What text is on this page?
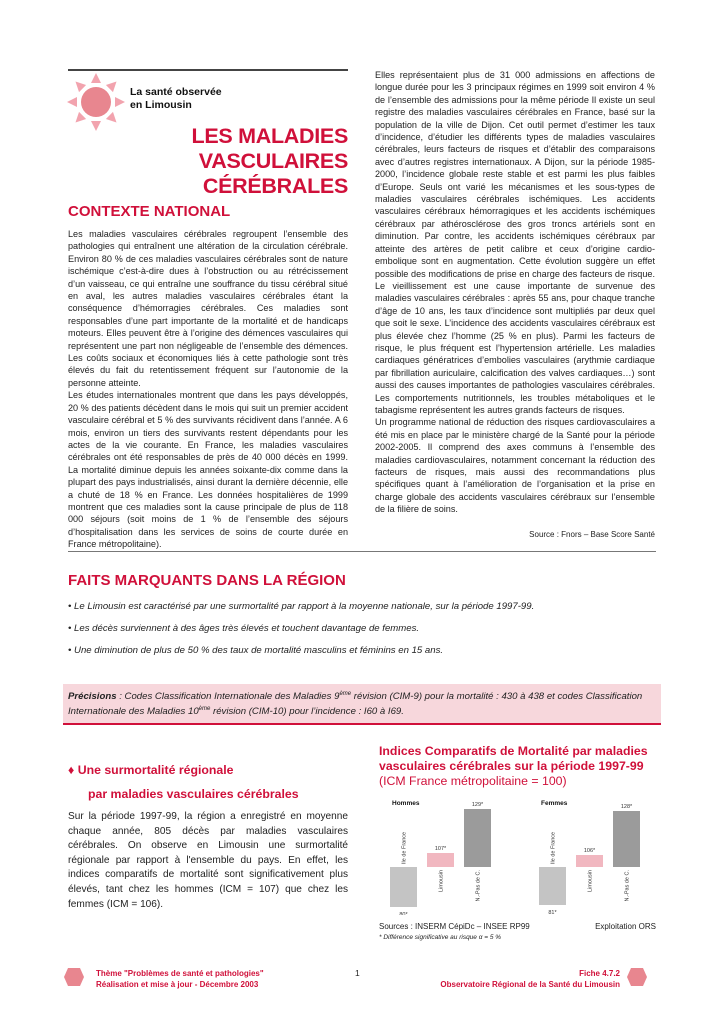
La santé observée
en Limousin
LES MALADIES
VASCULAIRES CÉRÉBRALES
CONTEXTE NATIONAL

Les maladies vasculaires cérébrales regroupent l’ensemble des pathologies qui entraînent une altération de la circulation cérébrale. Environ 80 % de ces maladies vasculaires cérébrales sont de nature ischémique c’est-à-dire dues à l’obstruction ou au rétrécissement d’un vaisseau, ce qui entraîne une souffrance du tissu cérébral situé en aval, les autres maladies vasculaires cérébrales étant la conséquence d’hémorragies cérébrales. Ces maladies sont responsables d’une part importante de la mortalité et de handicaps moteurs. Elles peuvent être à l’origine des démences vasculaires qui représentent une part non négligeable de l’ensemble des démences. Les coûts sociaux et économiques liés à cette pathologie sont très élevés du fait du retentissement fréquent sur l’autonomie de la personne atteinte.

Les études internationales montrent que dans les pays développés, 20 % des patients décèdent dans le mois qui suit un premier accident vasculaire cérébral et 5 % des survivants récidivent dans l’année. A 6 mois, environ un tiers des survivants restent dépendants pour les actes de la vie courante. En France, les maladies vasculaires cérébrales ont été responsables de près de 40 000 décès en 1999. La mortalité diminue depuis les années soixante-dix comme dans la plupart des pays industrialisés, ainsi durant la dernière décennie, elle a chuté de 18 % en France. Les données hospitalières de 1999 montrent que ces maladies sont la cause principale de plus de 118 000 séjours (soit moins de 1 % de l’ensemble des séjours d’hospitalisation dans les services de soins de courte durée en France métropolitaine).

Elles représentaient plus de 31 000 admissions en affections de longue durée pour les 3 principaux régimes en 1999 soit environ 4 % de l’ensemble des admissions pour la même période Il existe un seul registre des maladies vasculaires cérébrales en France, basé sur la population de la ville de Dijon. Cet outil permet d’estimer les taux d’incidence, d’étudier les différents types de maladies vasculaires cérébrales, leurs facteurs de risques et d’établir des comparaisons avec d’autres registres internationaux. A Dijon, sur la période 1985-2000, l’incidence globale reste stable et est parmi les plus faibles d’Europe. Seuls ont varié les mécanismes et les sous-types de maladies vasculaires cérébrales ischémiques. Les accidents vasculaires cérébraux hémorragiques et les accidents ischémiques cérébraux par athérosclérose des gros troncs artériels sont en diminution. Par contre, les accidents ischémiques cérébraux par atteinte des artères de petit calibre et ceux d’origine cardio-embolique sont en augmentation. Cette évolution suggère un effet possible des modifications de prise en charge des facteurs de risque. Le vieillissement est une cause importante de survenue des maladies vasculaires cérébrales : après 55 ans, pour chaque tranche d’âge de 10 ans, les taux d’incidence sont multipliés par deux quel que soit le sexe. L’incidence des accidents vasculaires cérébraux est plus élevée chez l’homme (25 % en plus). Parmi les facteurs de risque, le plus fréquent est l’hypertension artérielle. Les maladies cardiaques génératrices d’embolies vasculaires (arythmie cardiaque par fibrillation auriculaire, calcification des valves cardiaques…) sont aussi des causes importantes de pathologies vasculaires cérébrales. Les comportements nutritionnels, les troubles métaboliques et le tabagisme représentent les autres grands facteurs de risques.

Un programme national de réduction des risques cardiovasculaires a été mis en place par le ministère chargé de la Santé pour la période 2002-2005. Il comprend des axes communs à l’ensemble des maladies cardiovasculaires, notamment concernant la réduction des facteurs de risques, mais aussi des recommandations plus spécifiques quant à l’amélioration de l’organisation et la prise en charge globale des accidents vasculaires cérébraux sur l’ensemble de la filière de soins.

Source : Fnors – Base Score Santé
FAITS MARQUANTS DANS LA RÉGION

• Le Limousin est caractérisé par une surmortalité par rapport à la moyenne nationale, sur la période 1997-99.

• Les décès surviennent à des âges très élevés et touchent davantage de femmes.

• Une diminution de plus de 50 % des taux de mortalité masculins et féminins en 15 ans.

Précisions : Codes Classification Internationale des Maladies 9ème révision (CIM-9) pour la mortalité : 430 à 438 et codes Classification Internationale des Maladies 10ème révision (CIM-10) pour l’incidence : I60 à I69.
♦ Une surmortalité régionale
par maladies vasculaires cérébrales
Sur la période 1997-99, la région a enregistré en moyenne chaque année, 805 décès par maladies vasculaires cérébrales. On observe en Limousin une surmortalité régionale par rapport à l'ensemble du pays. En effet, les indices comparatifs de mortalité sont significativement plus élevés, tant chez les hommes (ICM = 107) que chez les femmes (ICM = 106).
Indices Comparatifs de Mortalité par maladies vasculaires cérébrales sur la période 1997-99
(ICM France métropolitaine = 100)
Hommes
80*
Ile de France	107*
Limousin
129*
N.-Pas de C.
Femmes
81*
Ile de France	106*
Limousin
128*
N.-Pas de C.
Sources : INSERM CépiDc – INSEE RP99	Exploitation ORS
* Différence significative au risque α = 5 %
Thème "Problèmes de santé et pathologies"
Réalisation et mise à jour - Décembre 2003
1	Fiche 4.7.2
Observatoire Régional de la Santé du Limousin
